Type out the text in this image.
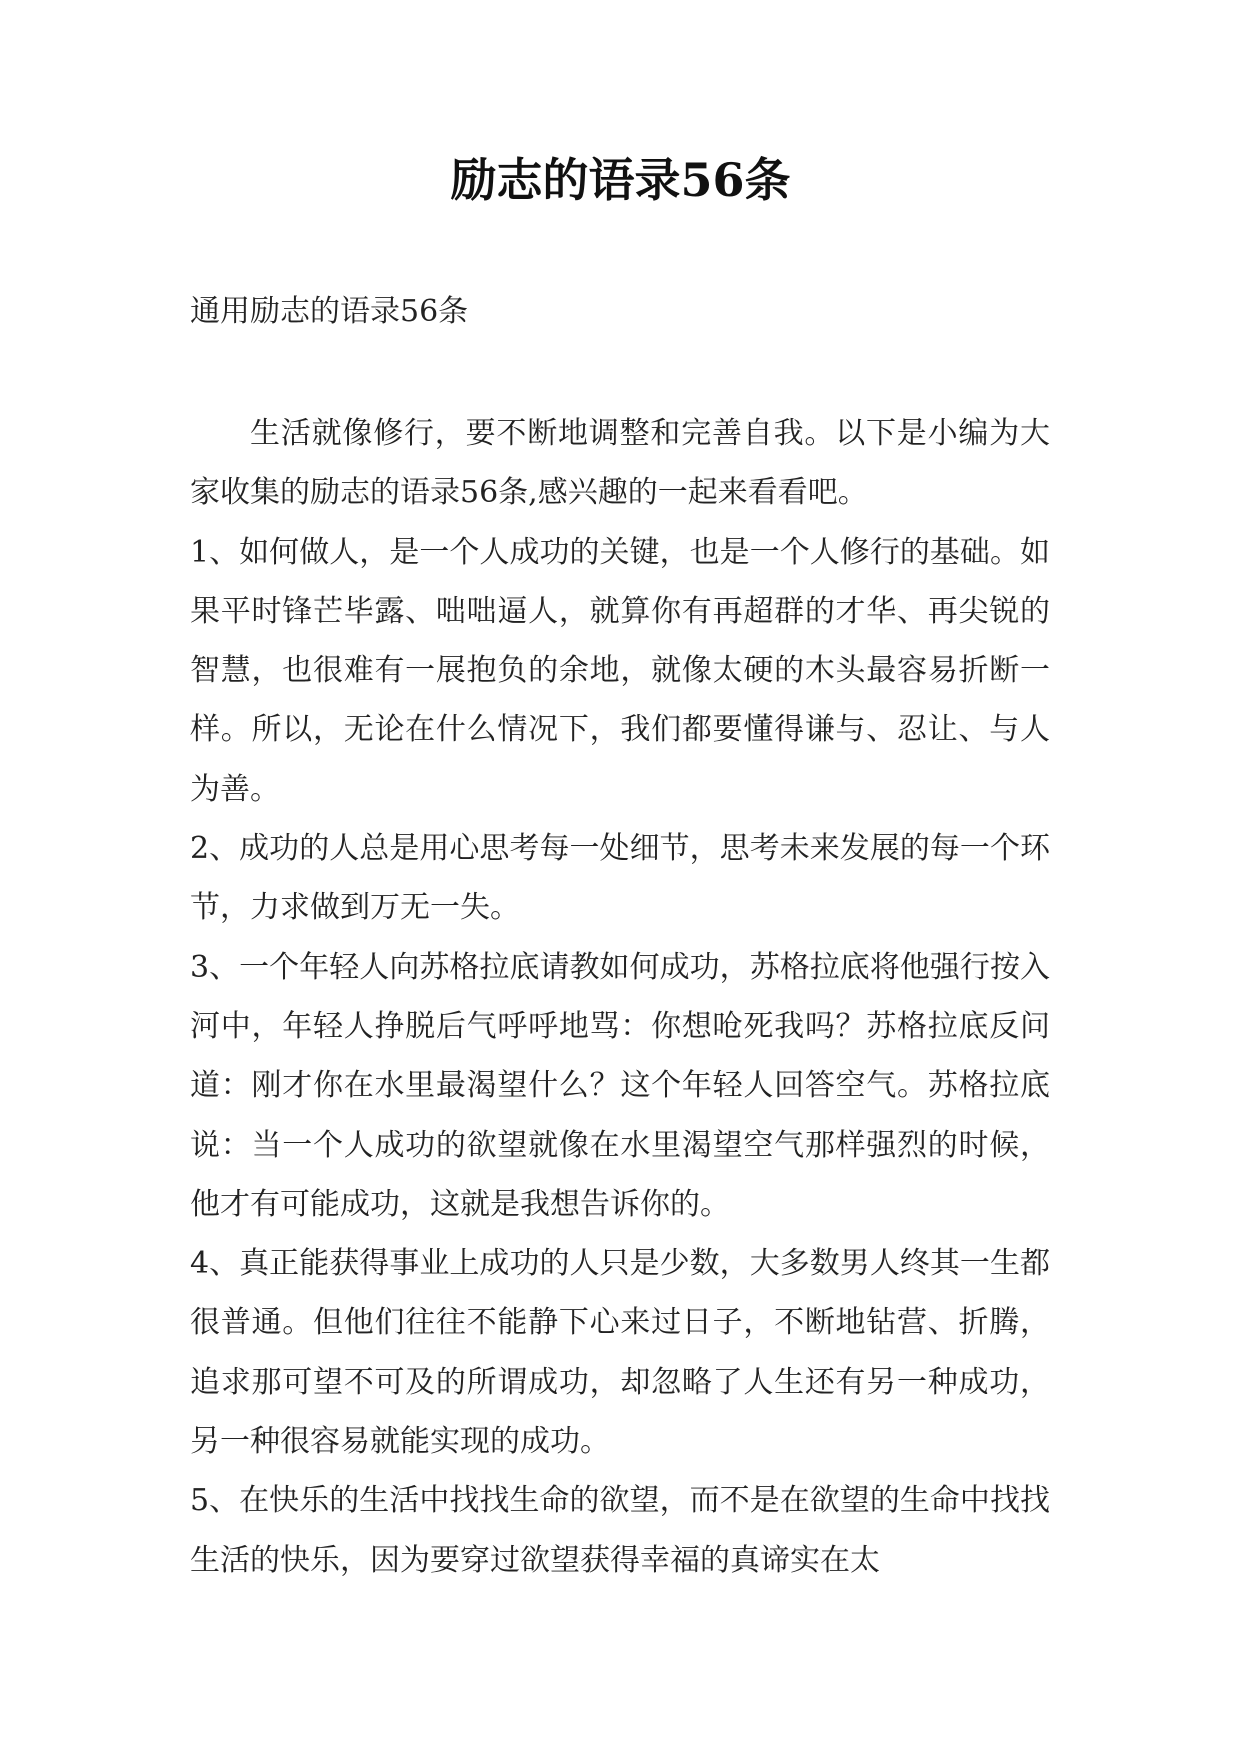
励志的语录56条

通用励志的语录56条

生活就像修行，要不断地调整和完善自我。以下是小编为大家收集的励志的语录56条,感兴趣的一起来看看吧。

1、如何做人，是一个人成功的关键，也是一个人修行的基础。如果平时锋芒毕露、咄咄逼人，就算你有再超群的才华、再尖锐的智慧，也很难有一展抱负的余地，就像太硬的木头最容易折断一样。所以，无论在什么情况下，我们都要懂得谦与、忍让、与人为善。

2、成功的人总是用心思考每一处细节，思考未来发展的每一个环节，力求做到万无一失。

3、一个年轻人向苏格拉底请教如何成功，苏格拉底将他强行按入河中，年轻人挣脱后气呼呼地骂：你想呛死我吗？苏格拉底反问道：刚才你在水里最渴望什么？这个年轻人回答空气。苏格拉底说：当一个人成功的欲望就像在水里渴望空气那样强烈的时候，他才有可能成功，这就是我想告诉你的。

4、真正能获得事业上成功的人只是少数，大多数男人终其一生都很普通。但他们往往不能静下心来过日子，不断地钻营、折腾，追求那可望不可及的所谓成功，却忽略了人生还有另一种成功，另一种很容易就能实现的成功。

5、在快乐的生活中找找生命的欲望，而不是在欲望的生命中找找生活的快乐，因为要穿过欲望获得幸福的真谛实在太
